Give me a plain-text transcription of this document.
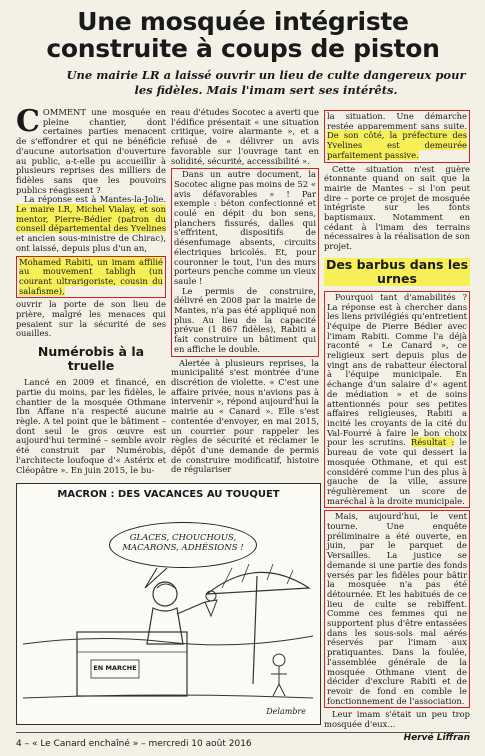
Une mosquée intégriste construite à coups de piston
Une mairie LR a laissé ouvrir un lieu de culte dangereux pour les fidèles. Mais l'imam sert ses intérêts.

C OMMENT une mosquée en pleine chantier, dont certaines parties menacent de s'effondrer et qui ne bénéficie d'aucune autorisation d'ouverture au public, a-t-elle pu accueillir à plusieurs reprises des milliers de fidèles sans que les pouvoirs publics réagissent ?

La réponse est à Mantes-la-Jolie. Le maire LR, Michel Vialay, et son mentor, Pierre-Bédier (patron du conseil départemental des Yvelines et ancien sous-ministre de Chirac), ont laissé, depuis plus d'un an,

Mohamed Rabiti, un imam affilié au mouvement tabligh (un courant ultrarigoriste, cousin du salafisme),

ouvrir la porte de son lieu de prière, malgré les menaces qui pesaient sur la sécurité de ses ouailles.

Numérobis à la truelle

Lancé en 2009 et financé, en partie du moins, par les fidèles, le chantier de la mosquée Othmane Ibn Affane n'a respecté aucune règle. A tel point que le bâtiment – dont seul le gros œuvre est aujourd'hui terminé – semble avoir été construit par Numérobis, l'architecte loufoque d'« Astérix et Cléopâtre ». En juin 2015, le bu-

reau d'études Socotec a averti que l'édifice présentait « une situation critique, voire alarmante », et a refusé de « délivrer un avis favorable sur l'ouvrage tant en solidité, sécurité, accessibilité ».

Dans un autre document, la Socotec aligne pas moins de 52 « avis défavorables » ! Par exemple : béton confectionné et coulé en dépit du bon sens, planchers fissurés, dalles qui s'effritent, dispositifs de désenfumage absents, circuits électriques bricolés. Et, pour couronner le tout, l'un des murs porteurs penche comme un vieux saule !

Le permis de construire, délivré en 2008 par la mairie de Mantes, n'a pas été appliqué non plus. Au lieu de la capacité prévue (1 867 fidèles), Rabiti a fait construire un bâtiment qui en affiche le double.

Alertée à plusieurs reprises, la municipalité s'est montrée d'une discrétion de violette. « C'est une affaire privée, nous n'avions pas à intervenir », répond aujourd'hui la mairie au « Canard ». Elle s'est contentée d'envoyer, en mai 2015, un courrier pour rappeler les règles de sécurité et réclamer le dépôt d'une demande de permis de construire modificatif, histoire de régulariser

la situation. Une démarche restée apparemment sans suite. De son côté, la préfecture des Yvelines est demeurée parfaitement passive.

Cette situation n'est guère étonnante quand on sait que la mairie de Mantes – si l'on peut dire – porte ce projet de mosquée intégriste sur les fonts baptismaux. Notamment en cédant à l'imam des terrains nécessaires à la réalisation de son projet.

Des barbus dans les urnes

Pourquoi tant d'amabilités ? La réponse est à chercher dans les liens privilégiés qu'entretient l'équipe de Pierre Bédier avec l'imam Rabiti. Comme l'a déjà raconté « Le Canard », ce religieux sert depuis plus de vingt ans de rabatteur électoral à l'équipe municipale. En échange d'un salaire d'« agent de médiation » et de soins attentionnés pour ses petites affaires religieuses, Rabiti a incité les croyants de la cité du Val-Fourré à faire le bon choix pour les scrutins. Résultat : le bureau de vote qui dessert la mosquée Othmane, et qui est considéré comme l'un des plus à gauche de la ville, assure régulièrement un score de maréchal à la droite municipale.

Mais, aujourd'hui, le vent tourne. Une enquête préliminaire a été ouverte, en juin, par le parquet de Versailles. La justice se demande si une partie des fonds versés par les fidèles pour bâtir la mosquée n'a pas été détournée. Et les habitués de ce lieu de culte se rebiffent. Comme ces femmes qui ne supportent plus d'être entassées dans les sous-sols mal aérés réservés par l'imam aux pratiquantes. Dans la foulée, l'assemblée générale de la mosquée Othmane vient de décider d'exclure Rabiti et de revoir de fond en comble le fonctionnement de l'association.

Leur imam s'était un peu trop mosquée d'eux...

Hervé Liffran
MACRON : DES VACANCES AU TOUQUET
GLACES, CHOUCHOUS, MACARONS, ADHÉSIONS !
EN MARCHE
Delambre
4 – « Le Canard enchaîné » – mercredi 10 août 2016
